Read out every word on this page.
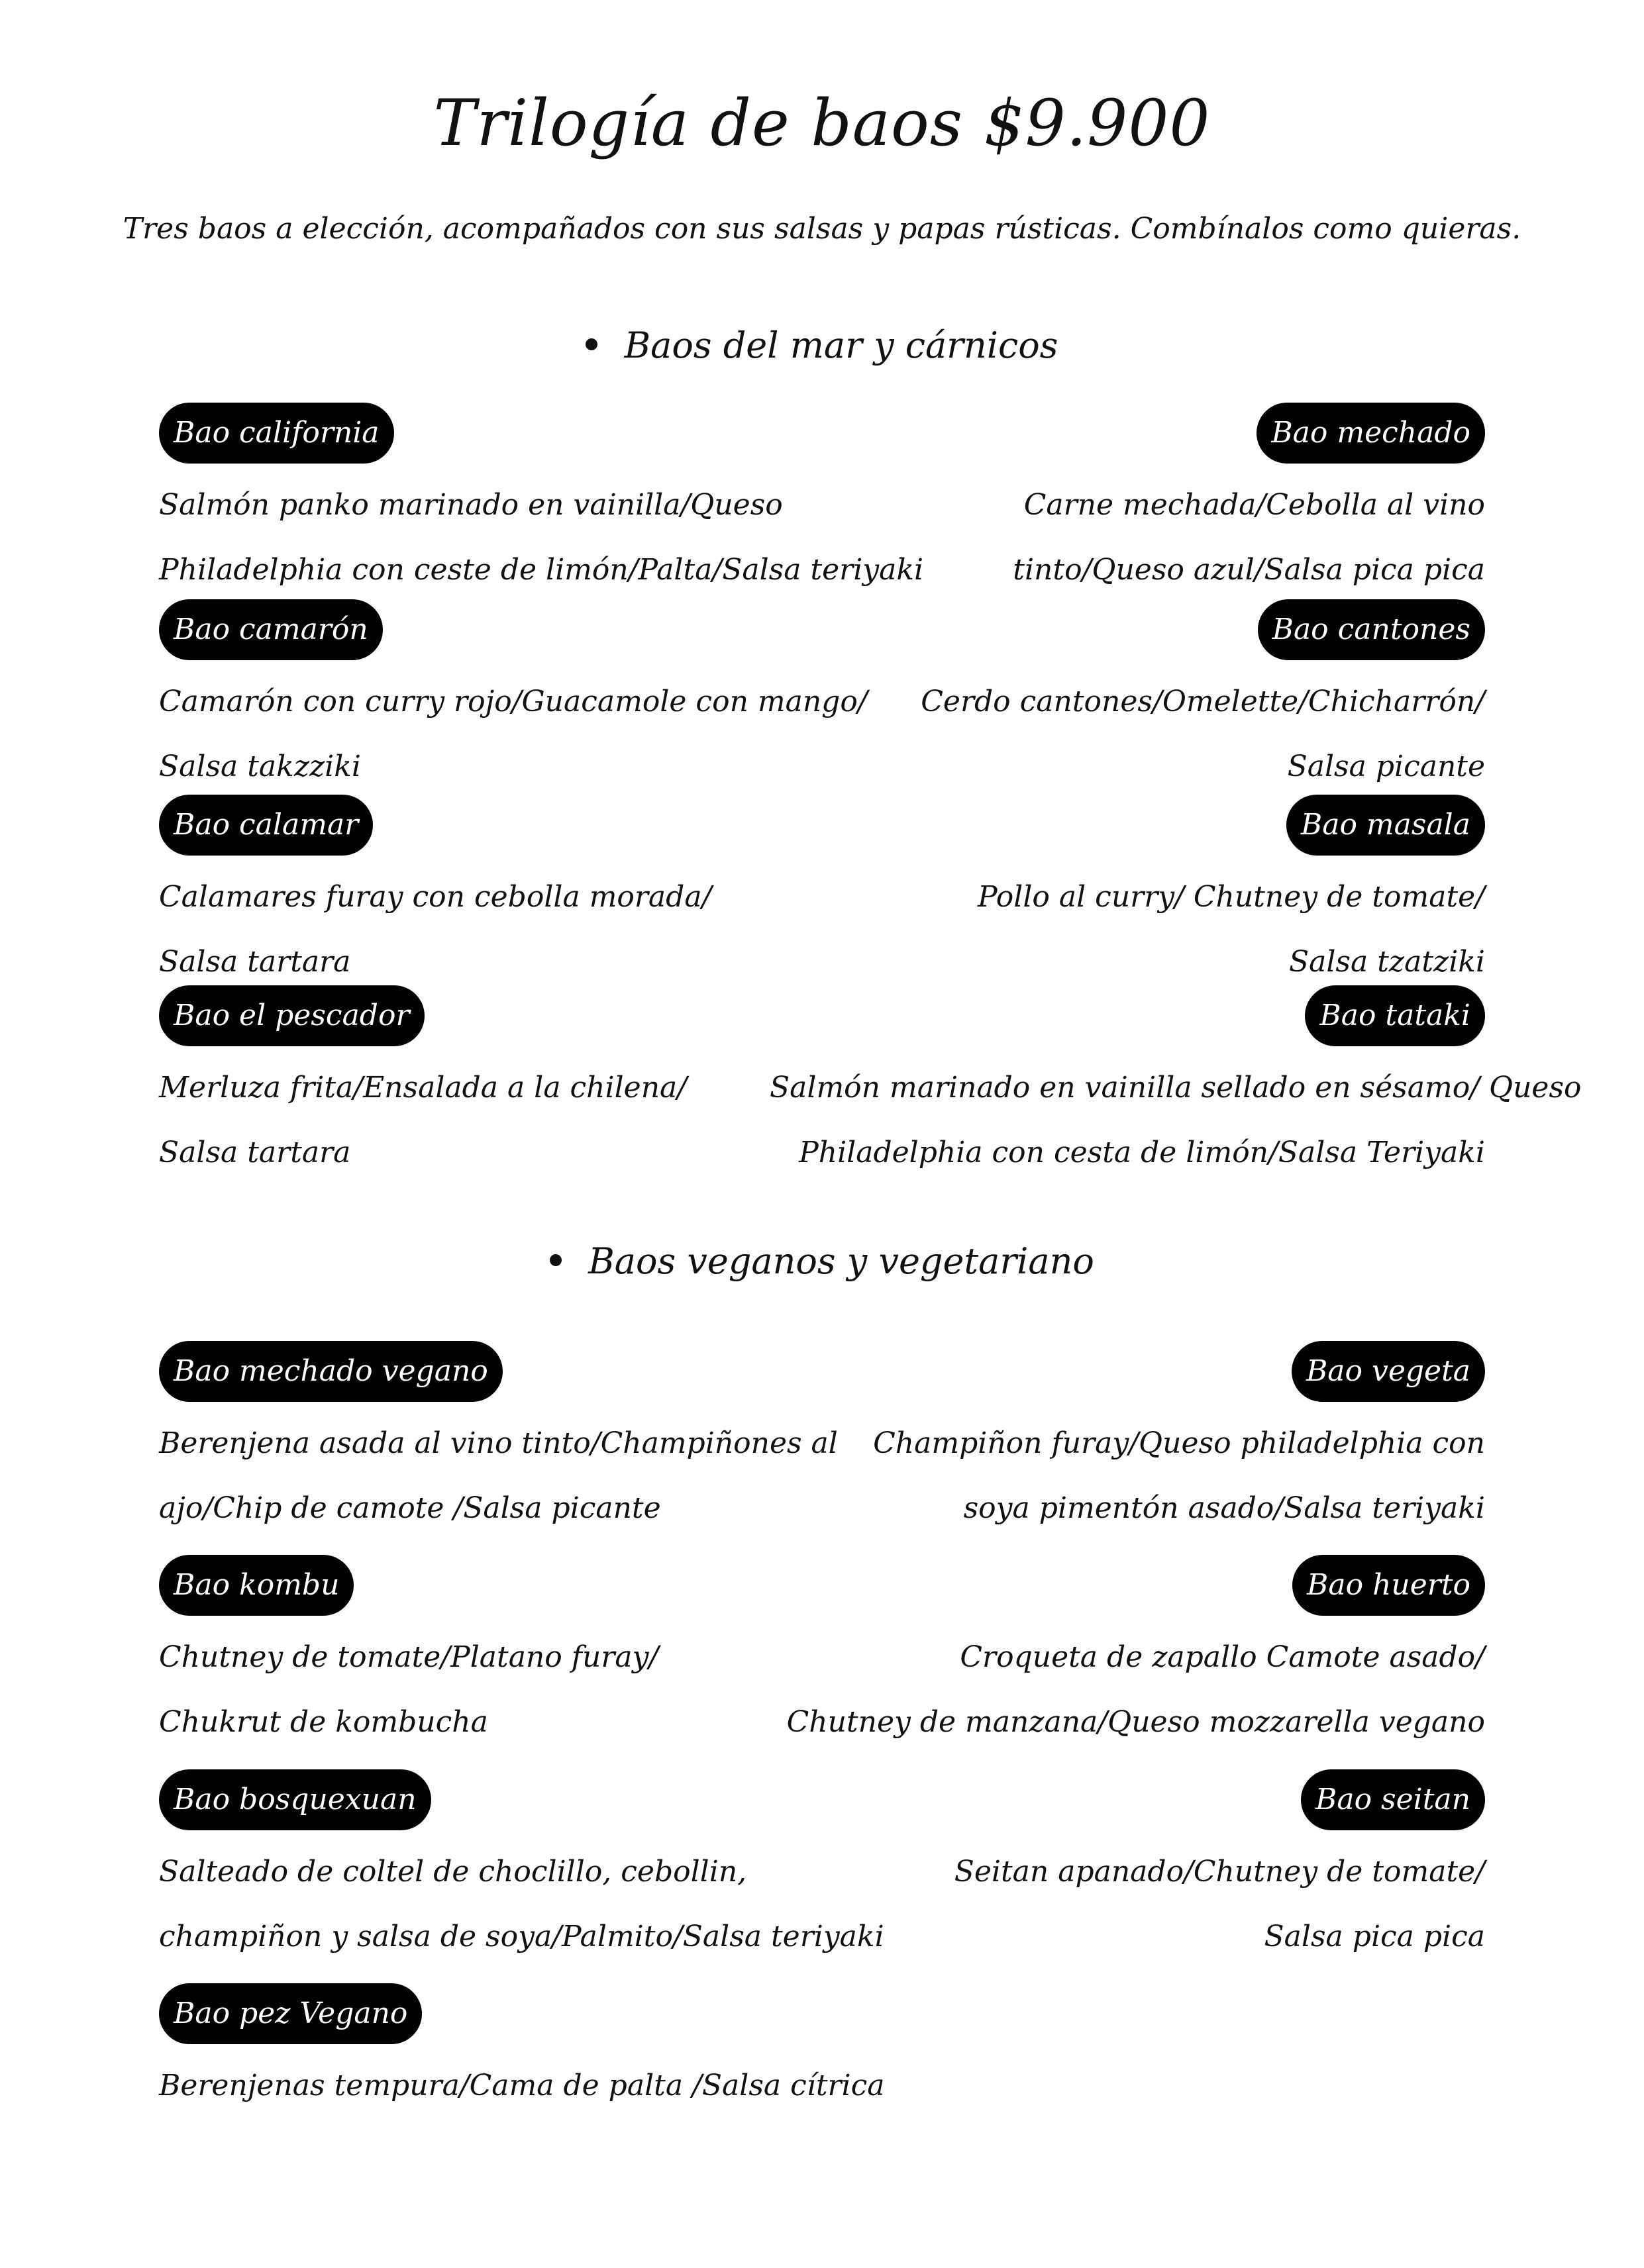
Trilogía de baos $9.900
Tres baos a elección, acompañados con sus salsas y papas rústicas. Combínalos como quieras.
Baos del mar y cárnicos
Bao california
Salmón panko marinado en vainilla/Queso
Philadelphia con ceste de limón/Palta/Salsa teriyaki
Bao mechado
Carne mechada/Cebolla al vino
tinto/Queso azul/Salsa pica pica
Bao camarón
Camarón con curry rojo/Guacamole con mango/
Salsa takzziki
Bao cantones
Cerdo cantones/Omelette/Chicharrón/
Salsa picante
Bao calamar
Calamares furay con cebolla morada/
Salsa tartara
Bao masala
Pollo al curry/ Chutney de tomate/
Salsa tzatziki
Bao el pescador
Merluza frita/Ensalada a la chilena/
Salsa tartara
Bao tataki
Salmón marinado en vainilla sellado en sésamo/ Queso
Philadelphia con cesta de limón/Salsa Teriyaki
Baos veganos y vegetariano
Bao mechado vegano
Berenjena asada al vino tinto/Champiñones al
ajo/Chip de camote /Salsa picante
Bao vegeta
Champiñon furay/Queso philadelphia con
soya pimentón asado/Salsa teriyaki
Bao kombu
Chutney de tomate/Platano furay/
Chukrut de kombucha
Bao huerto
Croqueta de zapallo Camote asado/
Chutney de manzana/Queso mozzarella vegano
Bao bosquexuan
Salteado de coltel de choclillo, cebollin,
champiñon y salsa de soya/Palmito/Salsa teriyaki
Bao seitan
Seitan apanado/Chutney de tomate/
Salsa pica pica
Bao pez Vegano
Berenjenas tempura/Cama de palta /Salsa cítrica
